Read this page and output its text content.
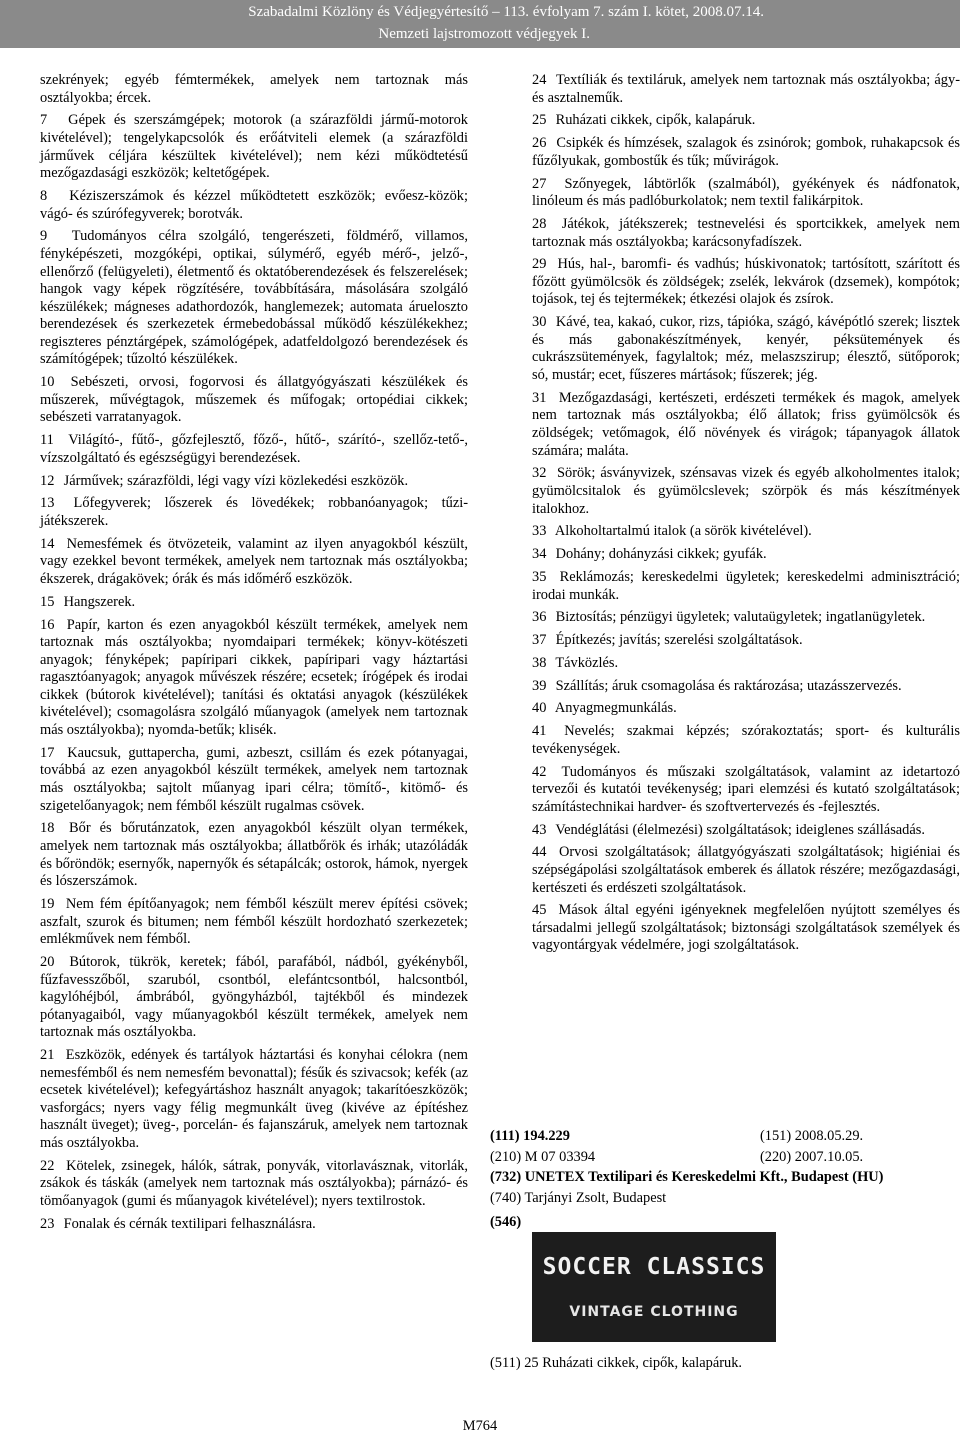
Szabadalmi Közlöny és Védjegyértesítő – 113. évfolyam 7. szám I. kötet, 2008.07.14.
Nemzeti lajstromozott védjegyek I.

szekrények; egyéb fémtermékek, amelyek nem tartoznak más osztályokba; ércek.

7 Gépek és szerszámgépek; motorok (a szárazföldi jármű-motorok kivételével); tengelykapcsolók és erőátviteli elemek (a szárazföldi járművek céljára készültek kivételével); nem kézi működtetésű mezőgazdasági eszközök; keltetőgépek.

8 Kéziszerszámok és kézzel működtetett eszközök; evőesz-közök; vágó- és szúrófegyverek; borotvák.

9 Tudományos célra szolgáló, tengerészeti, földmérő, villamos, fényképészeti, mozgóképi, optikai, súlymérő, egyéb mérő-, jelző-, ellenőrző (felügyeleti), életmentő és oktatóberendezések és felszerelések; hangok vagy képek rögzítésére, továbbítására, másolására szolgáló készülékek; mágneses adathordozók, hanglemezek; automata árueloszto berendezések és szerkezetek érmebedobással működő készülékekhez; regiszteres pénztárgépek, számológépek, adatfeldolgozó berendezések és számítógépek; tűzoltó készülékek.

10 Sebészeti, orvosi, fogorvosi és állatgyógyászati készülékek és műszerek, művégtagok, műszemek és műfogak; ortopédiai cikkek; sebészeti varratanyagok.

11 Világító-, fűtő-, gőzfejlesztő, főző-, hűtő-, szárító-, szellőz-tető-, vízszolgáltató és egészségügyi berendezések.

12 Járművek; szárazföldi, légi vagy vízi közlekedési eszközök.

13 Lőfegyverek; lőszerek és lövedékek; robbanóanyagok; tűzi-játékszerek.

14 Nemesfémek és ötvözeteik, valamint az ilyen anyagokból készült, vagy ezekkel bevont termékek, amelyek nem tartoznak más osztályokba; ékszerek, drágakövek; órák és más időmérő eszközök.

15 Hangszerek.

16 Papír, karton és ezen anyagokból készült termékek, amelyek nem tartoznak más osztályokba; nyomdaipari termékek; könyv-kötészeti anyagok; fényképek; papíripari cikkek, papíripari vagy háztartási ragasztóanyagok; anyagok művészek részére; ecsetek; írógépek és irodai cikkek (bútorok kivételével); tanítási és oktatási anyagok (készülékek kivételével); csomagolásra szolgáló műanyagok (amelyek nem tartoznak más osztályokba); nyomda-betűk; klisék.

17 Kaucsuk, guttapercha, gumi, azbeszt, csillám és ezek pótanyagai, továbbá az ezen anyagokból készült termékek, amelyek nem tartoznak más osztályokba; sajtolt műanyag ipari célra; tömítő-, kitömő- és szigetelőanyagok; nem fémből készült rugalmas csövek.

18 Bőr és bőrutánzatok, ezen anyagokból készült olyan termékek, amelyek nem tartoznak más osztályokba; állatbőrök és irhák; utazóládák és bőröndök; esernyők, napernyők és sétapálcák; ostorok, hámok, nyergek és lószerszámok.

19 Nem fém építőanyagok; nem fémből készült merev építési csövek; aszfalt, szurok és bitumen; nem fémből készült hordozható szerkezetek; emlékművek nem fémből.

20 Bútorok, tükrök, keretek; fából, parafából, nádból, gyékényből, fűzfavesszőből, szaruból, csontból, elefántcsontból, halcsontból, kagylóhéjból, ámbrából, gyöngyházból, tajtékből és mindezek pótanyagaiból, vagy műanyagokból készült termékek, amelyek nem tartoznak más osztályokba.

21 Eszközök, edények és tartályok háztartási és konyhai célokra (nem nemesfémből és nem nemesfém bevonattal); fésűk és szivacsok; kefék (az ecsetek kivételével); kefegyártáshoz használt anyagok; takarítóeszközök; vasforgács; nyers vagy félig megmunkált üveg (kivéve az építéshez használt üveget); üveg-, porcelán- és fajanszáruk, amelyek nem tartoznak más osztályokba.

22 Kötelek, zsinegek, hálók, sátrak, ponyvák, vitorlavásznak, vitorlák, zsákok és táskák (amelyek nem tartoznak más osztályokba); párnázó- és tömőanyagok (gumi és műanyagok kivételével); nyers textilrostok.

23 Fonalak és cérnák textilipari felhasználásra.

24 Textíliák és textiláruk, amelyek nem tartoznak más osztályokba; ágy- és asztalneműk.

25 Ruházati cikkek, cipők, kalapáruk.

26 Csipkék és hímzések, szalagok és zsinórok; gombok, ruhakapcsok és fűzőlyukak, gombostűk és tűk; művirágok.

27 Szőnyegek, lábtörlők (szalmából), gyékények és nádfonatok, linóleum és más padlóburkolatok; nem textil falikárpitok.

28 Játékok, játékszerek; testnevelési és sportcikkek, amelyek nem tartoznak más osztályokba; karácsonyfadíszek.

29 Hús, hal-, baromfi- és vadhús; húskivonatok; tartósított, szárított és főzött gyümölcsök és zöldségek; zselék, lekvárok (dzsemek), kompótok; tojások, tej és tejtermékek; étkezési olajok és zsírok.

30 Kávé, tea, kakaó, cukor, rizs, tápióka, szágó, kávépótló szerek; lisztek és más gabonakészítmények, kenyér, péksütemények és cukrászsütemények, fagylaltok; méz, melaszszirup; élesztő, sütőporok; só, mustár; ecet, fűszeres mártások; fűszerek; jég.

31 Mezőgazdasági, kertészeti, erdészeti termékek és magok, amelyek nem tartoznak más osztályokba; élő állatok; friss gyümölcsök és zöldségek; vetőmagok, élő növények és virágok; tápanyagok állatok számára; maláta.

32 Sörök; ásványvizek, szénsavas vizek és egyéb alkoholmentes italok; gyümölcsitalok és gyümölcslevek; szörpök és más készítmények italokhoz.

33 Alkoholtartalmú italok (a sörök kivételével).

34 Dohány; dohányzási cikkek; gyufák.

35 Reklámozás; kereskedelmi ügyletek; kereskedelmi adminisztráció; irodai munkák.

36 Biztosítás; pénzügyi ügyletek; valutaügyletek; ingatlanügyletek.

37 Építkezés; javítás; szerelési szolgáltatások.

38 Távközlés.

39 Szállítás; áruk csomagolása és raktározása; utazásszervezés.

40 Anyagmegmunkálás.

41 Nevelés; szakmai képzés; szórakoztatás; sport- és kulturális tevékenységek.

42 Tudományos és műszaki szolgáltatások, valamint az idetartozó tervezői és kutatói tevékenység; ipari elemzési és kutató szolgáltatások; számítástechnikai hardver- és szoftvertervezés és -fejlesztés.

43 Vendéglátási (élelmezési) szolgáltatások; ideiglenes szállásadás.

44 Orvosi szolgáltatások; állatgyógyászati szolgáltatások; higiéniai és szépségápolási szolgáltatások emberek és állatok részére; mezőgazdasági, kertészeti és erdészeti szolgáltatások.

45 Mások által egyéni igényeknek megfelelően nyújtott személyes és társadalmi jellegű szolgáltatások; biztonsági szolgáltatások személyek és vagyontárgyak védelmére, jogi szolgáltatások.

(111) 194.229	(151) 2008.05.29.
(210) M 07 03394	(220) 2007.10.05.
(732) UNETEX Textilipari és Kereskedelmi Kft., Budapest (HU)
(740) Tarjányi Zsolt, Budapest
(546)
SOCCER CLASSICS
VINTAGE CLOTHING
(511) 25 Ruházati cikkek, cipők, kalapáruk.
M764
